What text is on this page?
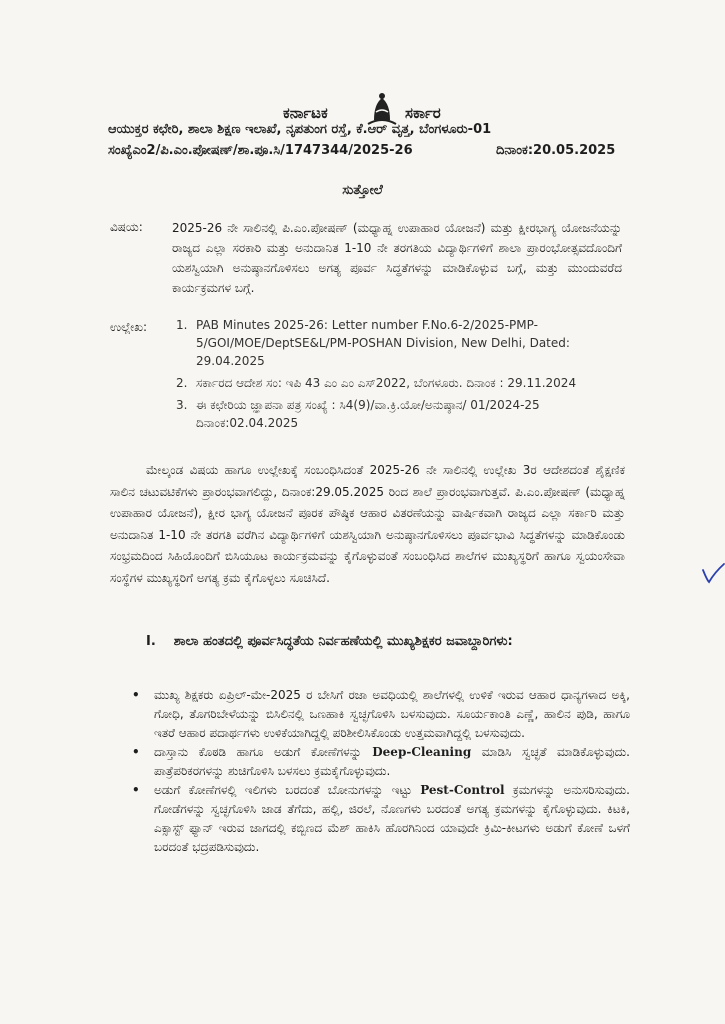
ಕರ್ನಾಟಕ	ಸರ್ಕಾರ
ಆಯುಕ್ತರ ಕಛೇರಿ, ಶಾಲಾ ಶಿಕ್ಷಣ ಇಲಾಖೆ, ನೃಪತುಂಗ ರಸ್ತೆ, ಕೆ.ಆರ್ ವೃತ್ತ, ಬೆಂಗಳೂರು-01
ಸಂಖ್ಯೆಎಂ2/ಪಿ.ಎಂ.ಪೋಷಣ್/ಶಾ.ಪೂ.ಸಿ/1747344/2025-26	ದಿನಾಂಕ:20.05.2025
ಸುತ್ತೋಲೆ
ವಿಷಯ: 2025-26 ನೇ ಸಾಲಿನಲ್ಲಿ ಪಿ.ಎಂ.ಪೋಷಣ್ (ಮಧ್ಯಾಹ್ನ ಉಪಾಹಾರ ಯೋಜನೆ) ಮತ್ತು ಕ್ಷೀರಭಾಗ್ಯ ಯೋಜನೆಯನ್ನು ರಾಜ್ಯದ ಎಲ್ಲಾ ಸರಕಾರಿ ಮತ್ತು ಅನುದಾನಿತ 1-10 ನೇ ತರಗತಿಯ ವಿದ್ಯಾರ್ಥಿಗಳಿಗೆ ಶಾಲಾ ಪ್ರಾರಂಭೋತ್ಸವದೊಂದಿಗೆ ಯಶಸ್ವಿಯಾಗಿ ಅನುಷ್ಠಾನಗೊಳಿಸಲು ಅಗತ್ಯ ಪೂರ್ವ ಸಿದ್ಧತೆಗಳನ್ನು ಮಾಡಿಕೊಳ್ಳುವ ಬಗ್ಗೆ, ಮತ್ತು ಮುಂದುವರೆದ ಕಾರ್ಯಕ್ರಮಗಳ ಬಗ್ಗೆ.
ಉಲ್ಲೇಖ: 1. PAB Minutes 2025-26: Letter number F.No.6-2/2025-PMP-5/GOI/MOE/DeptSE&L/PM-POSHAN Division, New Delhi, Dated: 29.04.2025
2. ಸರ್ಕಾರದ ಆದೇಶ ಸಂ: ಇಪಿ 43 ಎಂ ಎಂ ಎಸ್2022, ಬೆಂಗಳೂರು. ದಿನಾಂಕ : 29.11.2024
3. ಈ ಕಛೇರಿಯ ಜ್ಞಾಪನಾ ಪತ್ರ ಸಂಖ್ಯೆ : ಸಿ4(9)/ವಾ.ಕ್ರಿ.ಯೋ/ಅನುಷ್ಠಾನ/ 01/2024-25 ದಿನಾಂಕ:02.04.2025
ಮೇಲ್ಕಂಡ ವಿಷಯ ಹಾಗೂ ಉಲ್ಲೇಖಕ್ಕೆ ಸಂಬಂಧಿಸಿದಂತೆ 2025-26 ನೇ ಸಾಲಿನಲ್ಲಿ ಉಲ್ಲೇಖ 3ರ ಆದೇಶದಂತೆ ಶೈಕ್ಷಣಿಕ ಸಾಲಿನ ಚಟುವಟಿಕೆಗಳು ಪ್ರಾರಂಭವಾಗಲಿದ್ದು, ದಿನಾಂಕ:29.05.2025 ರಿಂದ ಶಾಲೆ ಪ್ರಾರಂಭವಾಗುತ್ತವೆ. ಪಿ.ಎಂ.ಪೋಷಣ್ (ಮಧ್ಯಾಹ್ನ ಉಪಾಹಾರ ಯೋಜನೆ), ಕ್ಷೀರ ಭಾಗ್ಯ ಯೋಜನೆ ಪೂರಕ ಪೌಷ್ಠಿಕ ಆಹಾರ ವಿತರಣೆಯನ್ನು ವಾರ್ಷಿಕವಾಗಿ ರಾಜ್ಯದ ಎಲ್ಲಾ ಸರ್ಕಾರಿ ಮತ್ತು ಅನುದಾನಿತ 1-10 ನೇ ತರಗತಿ ವರೆಗಿನ ವಿದ್ಯಾರ್ಥಿಗಳಿಗೆ ಯಶಸ್ವಿಯಾಗಿ ಅನುಷ್ಠಾನಗೊಳಿಸಲು ಪೂರ್ವಭಾವಿ ಸಿದ್ಧತೆಗಳನ್ನು ಮಾಡಿಕೊಂಡು ಸಂಭ್ರಮದಿಂದ ಸಿಹಿಯೊಂದಿಗೆ ಬಿಸಿಯೂಟ ಕಾರ್ಯಕ್ರಮವನ್ನು ಕೈಗೊಳ್ಳುವಂತೆ ಸಂಬಂಧಿಸಿದ ಶಾಲೆಗಳ ಮುಖ್ಯಸ್ಥರಿಗೆ ಹಾಗೂ ಸ್ವಯಂಸೇವಾ ಸಂಸ್ಥೆಗಳ ಮುಖ್ಯಸ್ಥರಿಗೆ ಅಗತ್ಯ ಕ್ರಮ ಕೈಗೊಳ್ಳಲು ಸೂಚಿಸಿದೆ.
I. ಶಾಲಾ ಹಂತದಲ್ಲಿ ಪೂರ್ವಸಿದ್ಧತೆಯ ನಿರ್ವಹಣೆಯಲ್ಲಿ ಮುಖ್ಯಶಿಕ್ಷಕರ ಜವಾಬ್ದಾರಿಗಳು:
• ಮುಖ್ಯ ಶಿಕ್ಷಕರು ಏಪ್ರಿಲ್-ಮೇ-2025 ರ ಬೇಸಿಗೆ ರಜಾ ಅವಧಿಯಲ್ಲಿ ಶಾಲೆಗಳಲ್ಲಿ ಉಳಿಕೆ ಇರುವ ಆಹಾರ ಧಾನ್ಯಗಳಾದ ಅಕ್ಕಿ, ಗೋಧಿ, ತೊಗರಿಬೇಳೆಯನ್ನು ಬಿಸಿಲಿನಲ್ಲಿ ಒಣಹಾಕಿ ಸ್ವಚ್ಛಗೊಳಿಸಿ ಬಳಸುವುದು. ಸೂರ್ಯಕಾಂತಿ ಎಣ್ಣೆ, ಹಾಲಿನ ಪುಡಿ, ಹಾಗೂ ಇತರೆ ಆಹಾರ ಪದಾರ್ಥಗಳು ಉಳಿಕೆಯಾಗಿದ್ದಲ್ಲಿ ಪರಿಶೀಲಿಸಿಕೊಂಡು ಉತ್ತಮವಾಗಿದ್ದಲ್ಲಿ ಬಳಸುವುದು.
• ದಾಸ್ತಾನು ಕೊಠಡಿ ಹಾಗೂ ಅಡುಗೆ ಕೋಣೆಗಳನ್ನು Deep-Cleaning ಮಾಡಿಸಿ ಸ್ವಚ್ಛತೆ ಮಾಡಿಕೊಳ್ಳುವುದು. ಪಾತ್ರೆಪರಿಕರಗಳನ್ನು ಶುಚಿಗೊಳಿಸಿ ಬಳಸಲು ಕ್ರಮಕೈಗೊಳ್ಳುವುದು.
• ಅಡುಗೆ ಕೋಣೆಗಳಲ್ಲಿ ಇಲಿಗಳು ಬರದಂತೆ ಬೋನುಗಳನ್ನು ಇಟ್ಟು Pest-Control ಕ್ರಮಗಳನ್ನು ಅನುಸರಿಸುವುದು. ಗೋಡೆಗಳನ್ನು ಸ್ವಚ್ಛಗೊಳಿಸಿ ಜಾಡ ತೆಗೆದು, ಹಲ್ಲಿ, ಜಿರಲೆ, ನೊಣಗಳು ಬರದಂತೆ ಅಗತ್ಯ ಕ್ರಮಗಳನ್ನು ಕೈಗೊಳ್ಳುವುದು. ಕಿಟಕಿ, ಎಕ್ಸಾಸ್ಟ್ ಫ್ಯಾನ್ ಇರುವ ಜಾಗದಲ್ಲಿ ಕಬ್ಬಿಣದ ಮೆಶ್ ಹಾಕಿಸಿ ಹೊರಗಿನಿಂದ ಯಾವುದೇ ಕ್ರಿಮಿ-ಕೀಟಗಳು ಅಡುಗೆ ಕೋಣೆ ಒಳಗೆ ಬರದಂತೆ ಭದ್ರಪಡಿಸುವುದು.
